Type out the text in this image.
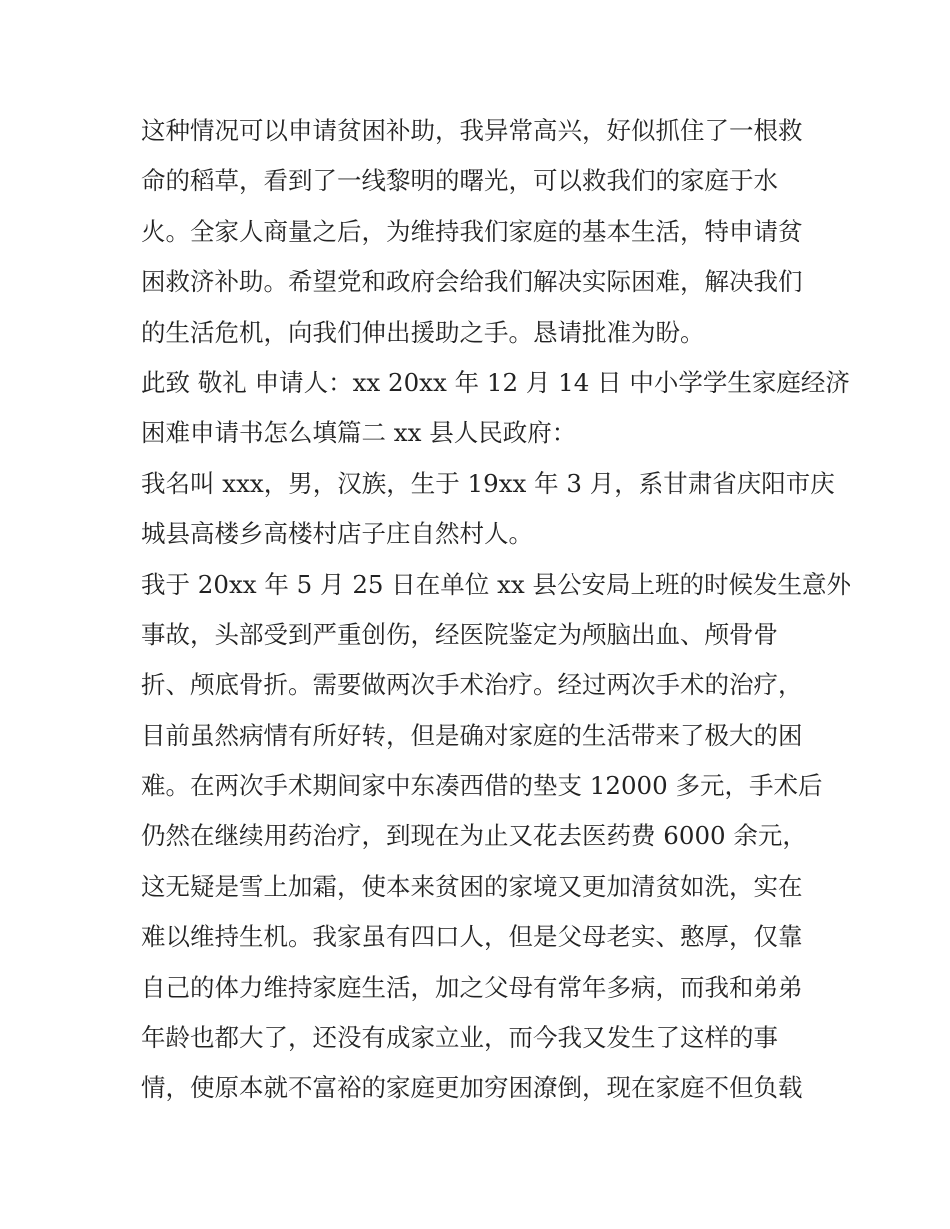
这种情况可以申请贫困补助，我异常高兴，好似抓住了一根救
命的稻草，看到了一线黎明的曙光，可以救我们的家庭于水
火。全家人商量之后，为维持我们家庭的基本生活，特申请贫
困救济补助。希望党和政府会给我们解决实际困难，解决我们
的生活危机，向我们伸出援助之手。恳请批准为盼。
此致 敬礼 申请人：xx 20xx 年 12 月 14 日 中小学学生家庭经济
困难申请书怎么填篇二 xx 县人民政府：
我名叫 xxx，男，汉族，生于 19xx 年 3 月，系甘肃省庆阳市庆
城县高楼乡高楼村店子庄自然村人。
我于 20xx 年 5 月 25 日在单位 xx 县公安局上班的时候发生意外
事故，头部受到严重创伤，经医院鉴定为颅脑出血、颅骨骨
折、颅底骨折。需要做两次手术治疗。经过两次手术的治疗，
目前虽然病情有所好转，但是确对家庭的生活带来了极大的困
难。在两次手术期间家中东凑西借的垫支 12000 多元，手术后
仍然在继续用药治疗，到现在为止又花去医药费 6000 余元，
这无疑是雪上加霜，使本来贫困的家境又更加清贫如洗，实在
难以维持生机。我家虽有四口人，但是父母老实、憨厚，仅靠
自己的体力维持家庭生活，加之父母有常年多病，而我和弟弟
年龄也都大了，还没有成家立业，而今我又发生了这样的事
情，使原本就不富裕的家庭更加穷困潦倒，现在家庭不但负载
